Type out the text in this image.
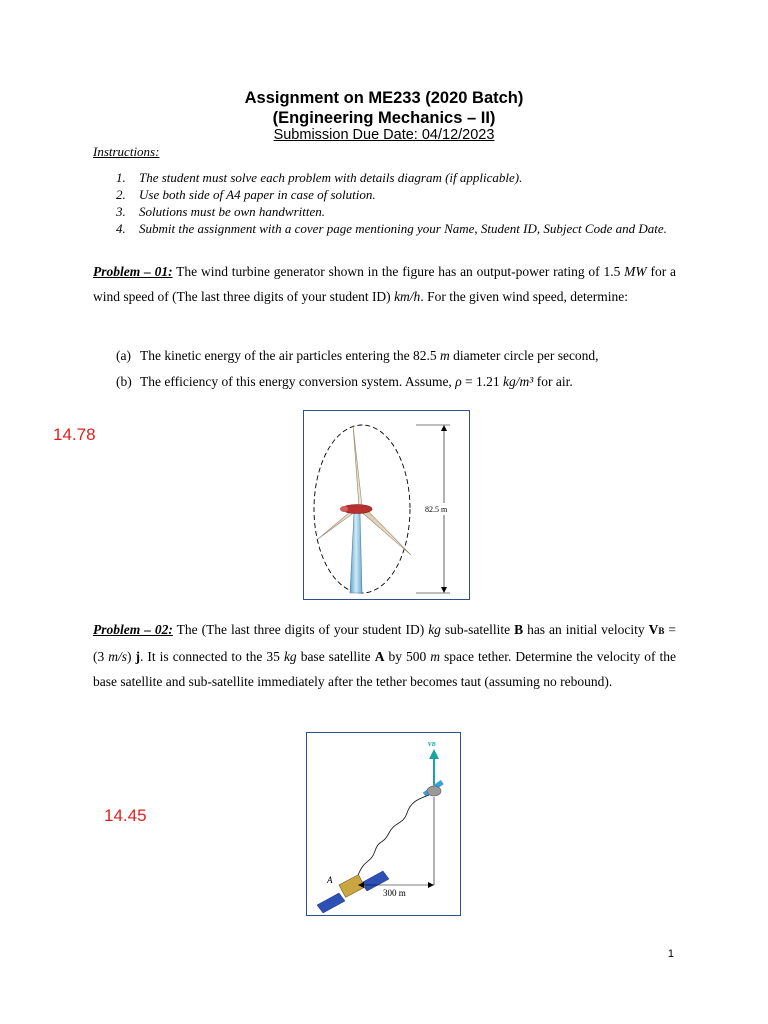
Assignment on ME233 (2020 Batch)
(Engineering Mechanics – II)
Submission Due Date: 04/12/2023
Instructions:
1.	The student must solve each problem with details diagram (if applicable).
2.	Use both side of A4 paper in case of solution.
3.	Solutions must be own handwritten.
4.	Submit the assignment with a cover page mentioning your Name, Student ID, Subject Code and Date.
Problem – 01: The wind turbine generator shown in the figure has an output-power rating of 1.5 MW for a wind speed of (The last three digits of your student ID) km/h. For the given wind speed, determine:
(a) The kinetic energy of the air particles entering the 82.5 m diameter circle per second,
(b) The efficiency of this energy conversion system. Assume, ρ = 1.21 kg/m³ for air.
14.78
82.5 m
Problem – 02: The (The last three digits of your student ID) kg sub-satellite B has an initial velocity VB = (3 m/s) j. It is connected to the 35 kg base satellite A by 500 m space tether. Determine the velocity of the base satellite and sub-satellite immediately after the tether becomes taut (assuming no rebound).
14.45
vB
A
300 m
1
